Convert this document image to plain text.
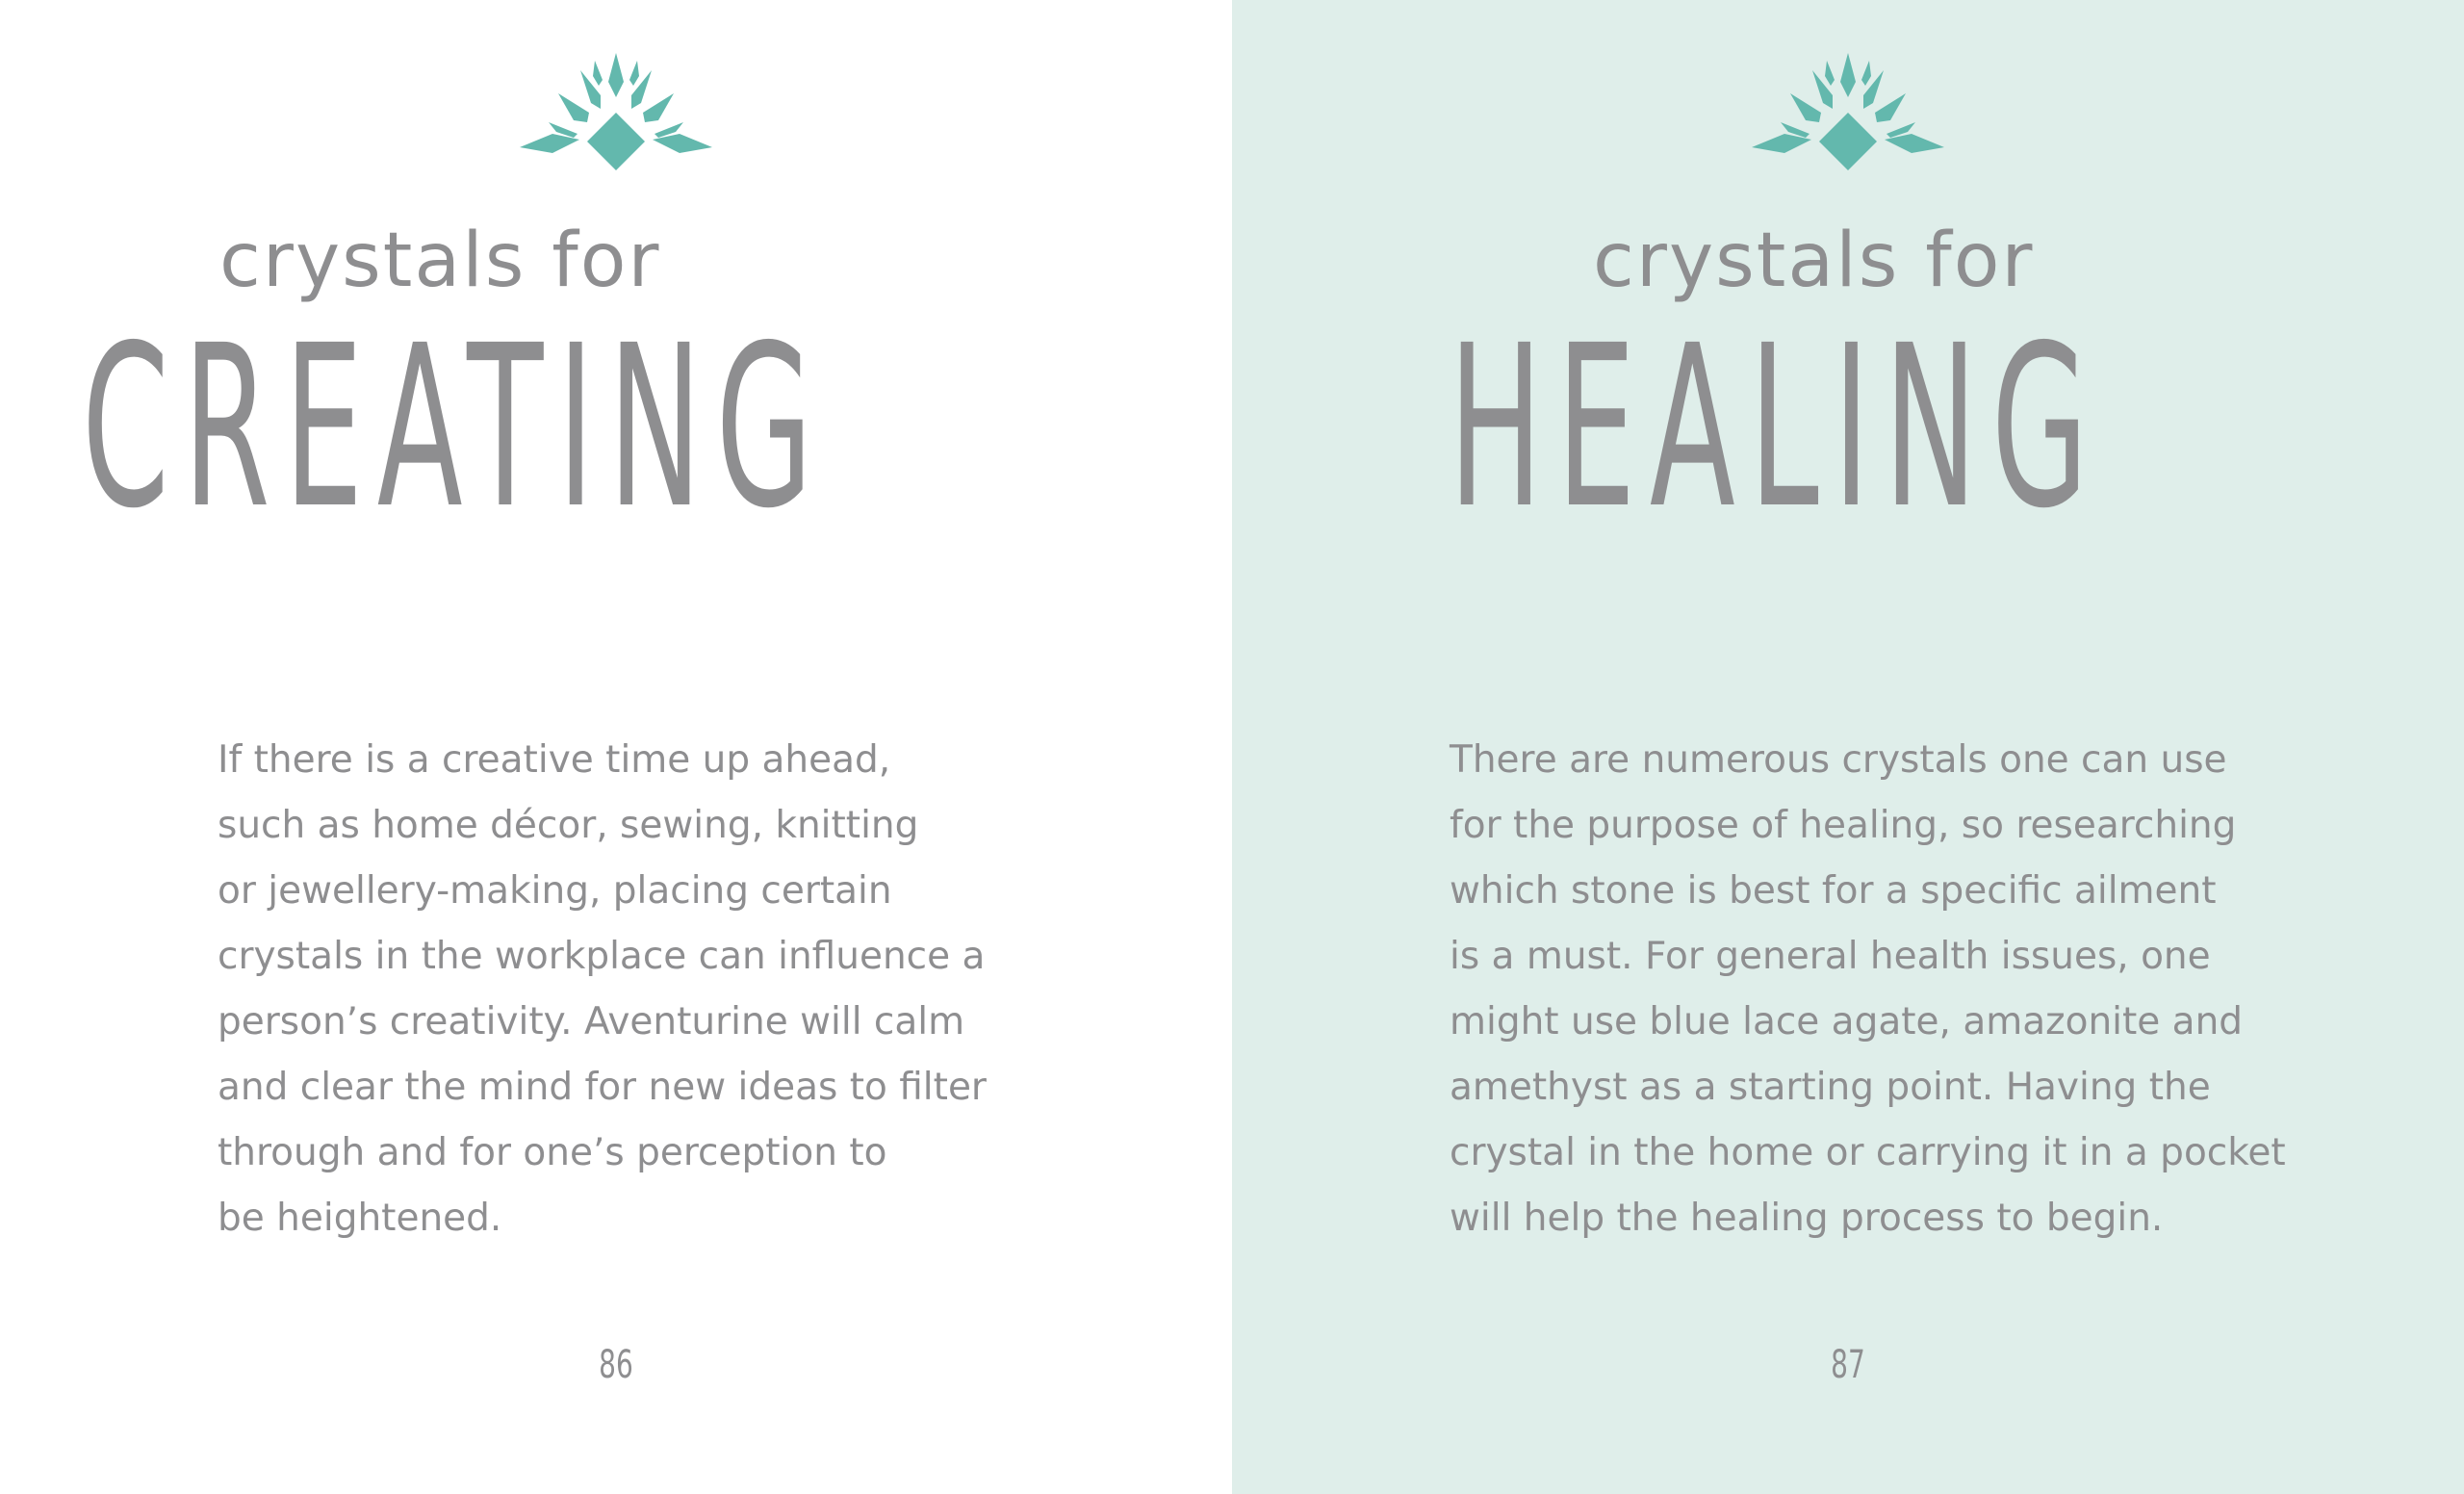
crystals for
CREATING
If there is a creative time up ahead,
such as home décor, sewing, knitting
or jewellery-making, placing certain
crystals in the workplace can influence a
person’s creativity. Aventurine will calm
and clear the mind for new ideas to filter
through and for one’s perception to
be heightened.
86
crystals for
HEALING
There are numerous crystals one can use
for the purpose of healing, so researching
which stone is best for a specific ailment
is a must. For general health issues, one
might use blue lace agate, amazonite and
amethyst as a starting point. Having the
crystal in the home or carrying it in a pocket
will help the healing process to begin.
87
